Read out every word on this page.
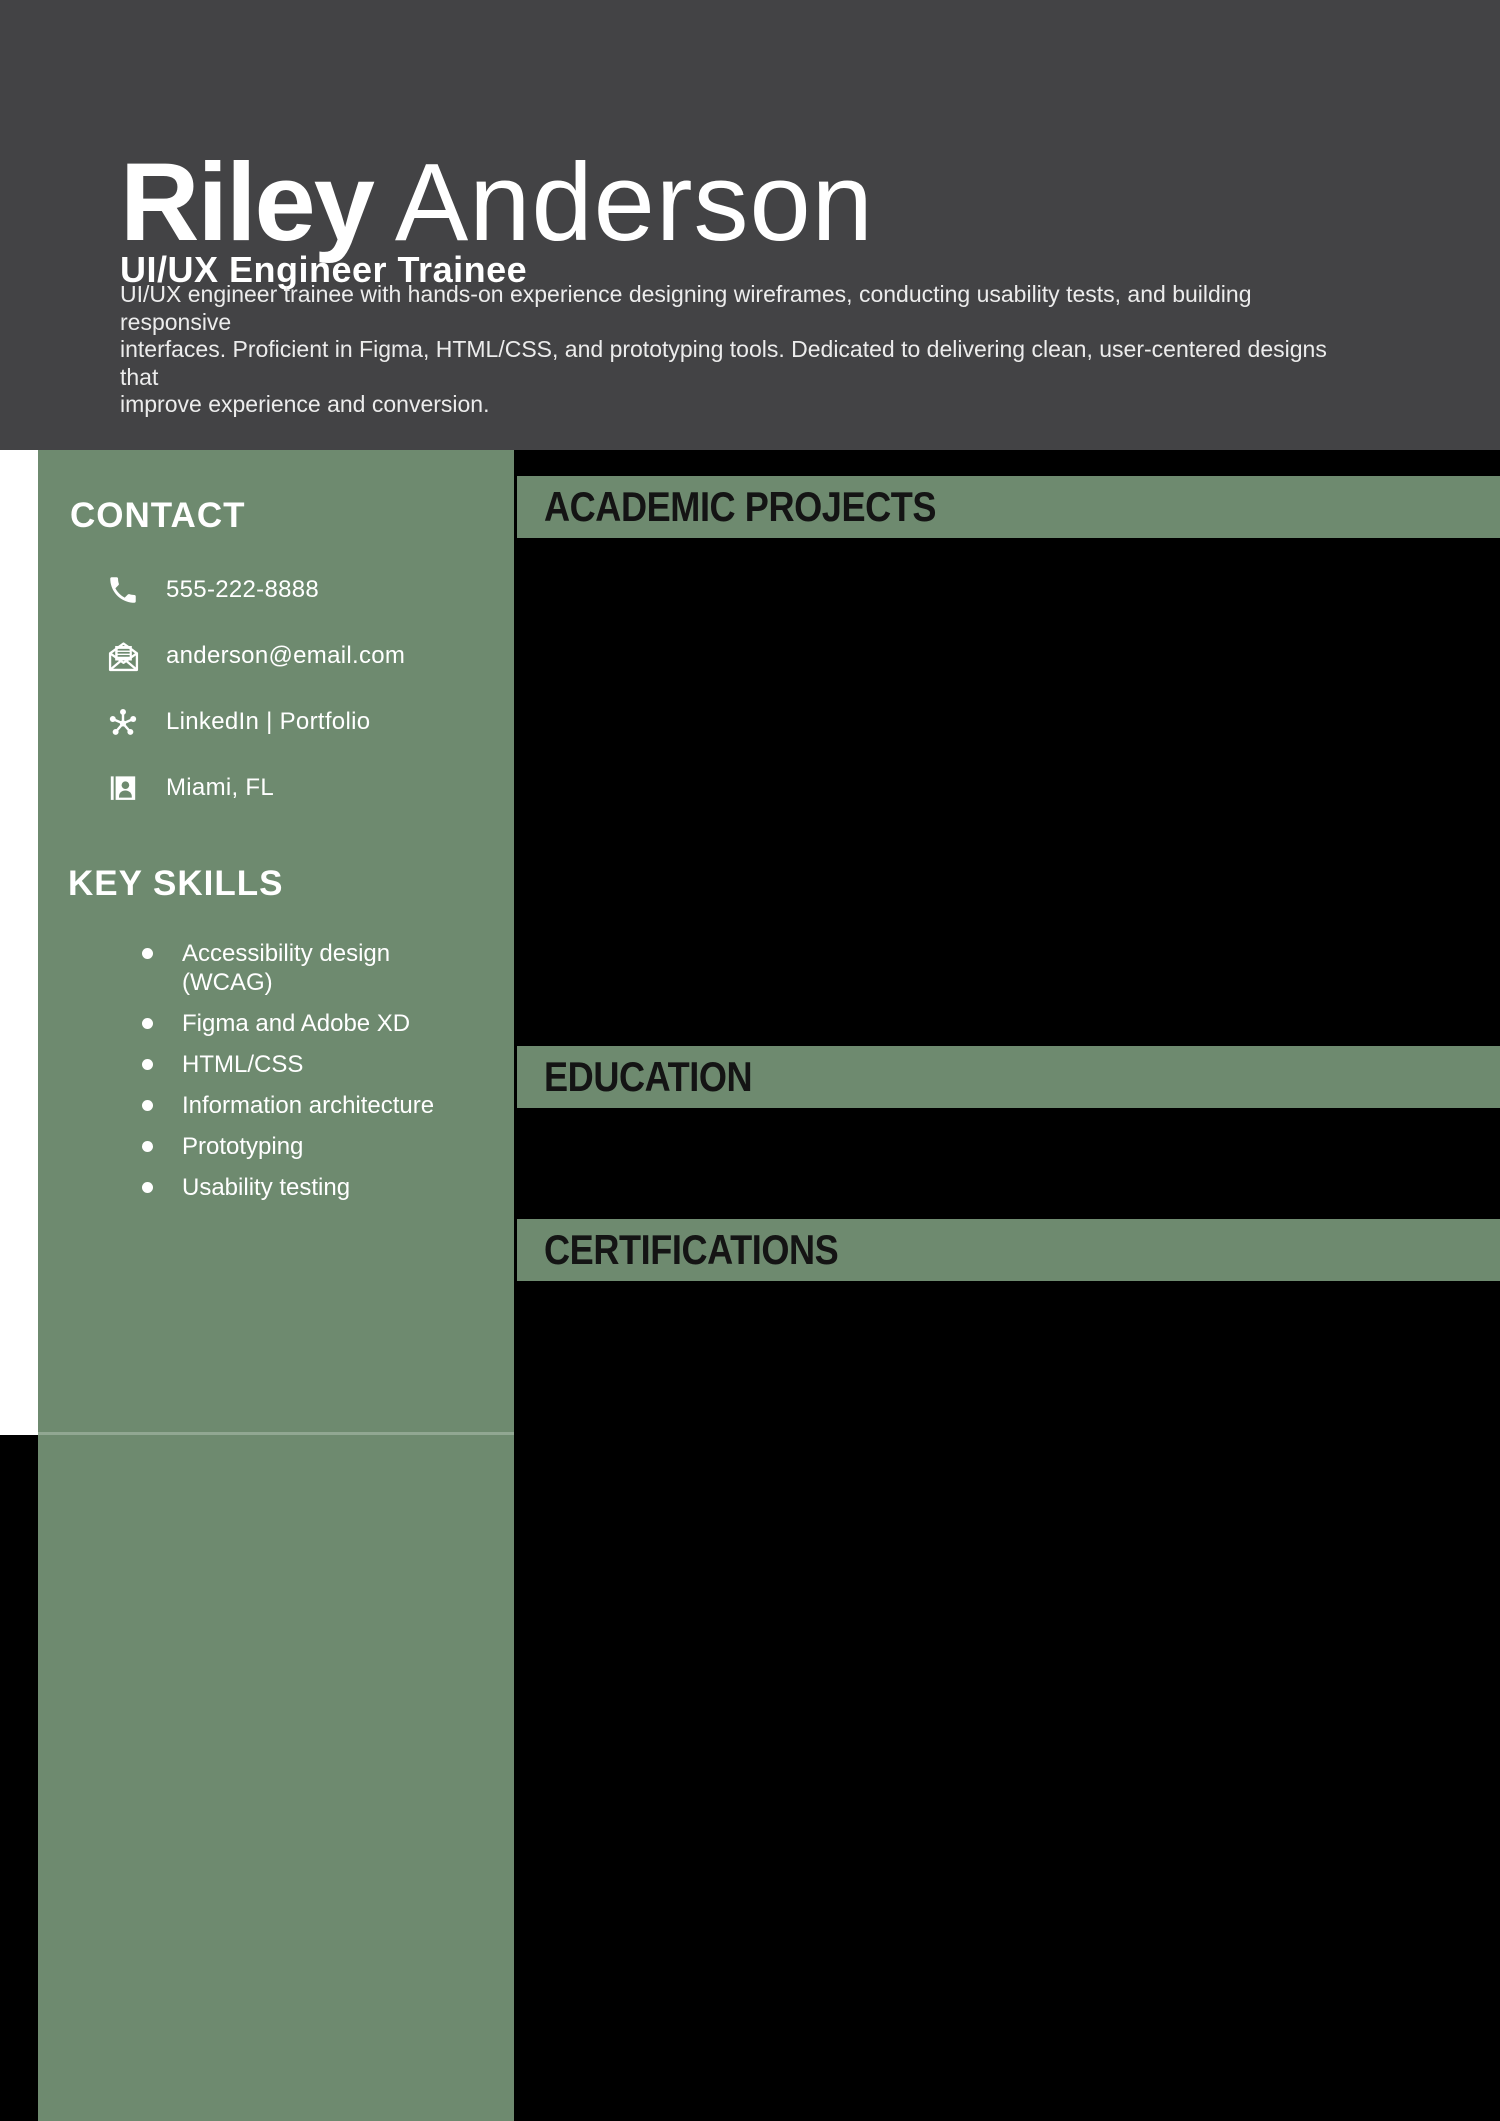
Riley Anderson
UI/UX Engineer Trainee
UI/UX engineer trainee with hands-on experience designing wireframes, conducting usability tests, and building responsive
interfaces. Proficient in Figma, HTML/CSS, and prototyping tools. Dedicated to delivering clean, user-centered designs that
improve experience and conversion.
CONTACT
555-222-8888
anderson@email.com
LinkedIn | Portfolio
Miami, FL
KEY SKILLS
Accessibility design
(WCAG)
Figma and Adobe XD
HTML/CSS
Information architecture
Prototyping
Usability testing
ACADEMIC PROJECTS
EDUCATION
CERTIFICATIONS
